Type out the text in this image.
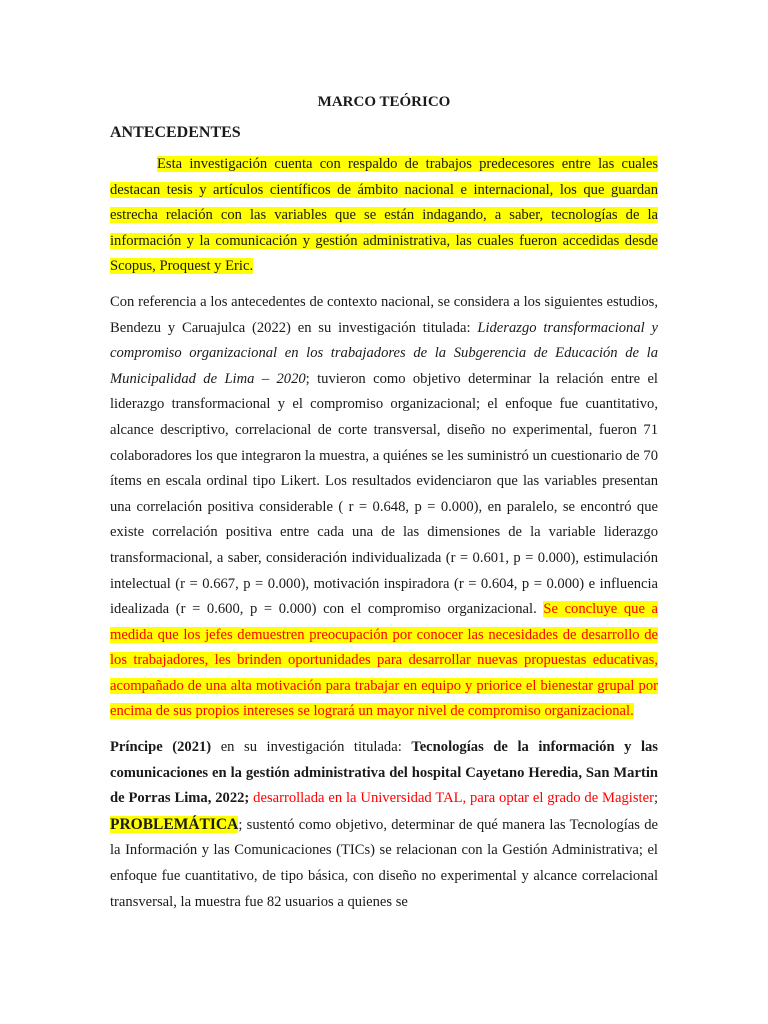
MARCO TEÓRICO
ANTECEDENTES

Esta investigación cuenta con respaldo de trabajos predecesores entre las cuales destacan tesis y artículos científicos de ámbito nacional e internacional, los que guardan estrecha relación con las variables que se están indagando, a saber, tecnologías de la información y la comunicación y gestión administrativa, las cuales fueron accedidas desde Scopus, Proquest y Eric.

Con referencia a los antecedentes de contexto nacional, se considera a los siguientes estudios, Bendezu y Caruajulca (2022) en su investigación titulada: Liderazgo transformacional y compromiso organizacional en los trabajadores de la Subgerencia de Educación de la Municipalidad de Lima – 2020; tuvieron como objetivo determinar la relación entre el liderazgo transformacional y el compromiso organizacional; el enfoque fue cuantitativo, alcance descriptivo, correlacional de corte transversal, diseño no experimental, fueron 71 colaboradores los que integraron la muestra, a quiénes se les suministró un cuestionario de 70 ítems en escala ordinal tipo Likert. Los resultados evidenciaron que las variables presentan una correlación positiva considerable ( r = 0.648, p = 0.000), en paralelo, se encontró que existe correlación positiva entre cada una de las dimensiones de la variable liderazgo transformacional, a saber, consideración individualizada (r = 0.601, p = 0.000), estimulación intelectual (r = 0.667, p = 0.000), motivación inspiradora (r = 0.604, p = 0.000) e influencia idealizada (r = 0.600, p = 0.000) con el compromiso organizacional. Se concluye que a medida que los jefes demuestren preocupación por conocer las necesidades de desarrollo de los trabajadores, les brinden oportunidades para desarrollar nuevas propuestas educativas, acompañado de una alta motivación para trabajar en equipo y priorice el bienestar grupal por encima de sus propios intereses se logrará un mayor nivel de compromiso organizacional.

Príncipe (2021) en su investigación titulada: Tecnologías de la información y las comunicaciones en la gestión administrativa del hospital Cayetano Heredia, San Martin de Porras Lima, 2022; desarrollada en la Universidad TAL, para optar el grado de Magister; PROBLEMÁTICA; sustentó como objetivo, determinar de qué manera las Tecnologías de la Información y las Comunicaciones (TICs) se relacionan con la Gestión Administrativa; el enfoque fue cuantitativo, de tipo básica, con diseño no experimental y alcance correlacional transversal, la muestra fue 82 usuarios a quienes se
